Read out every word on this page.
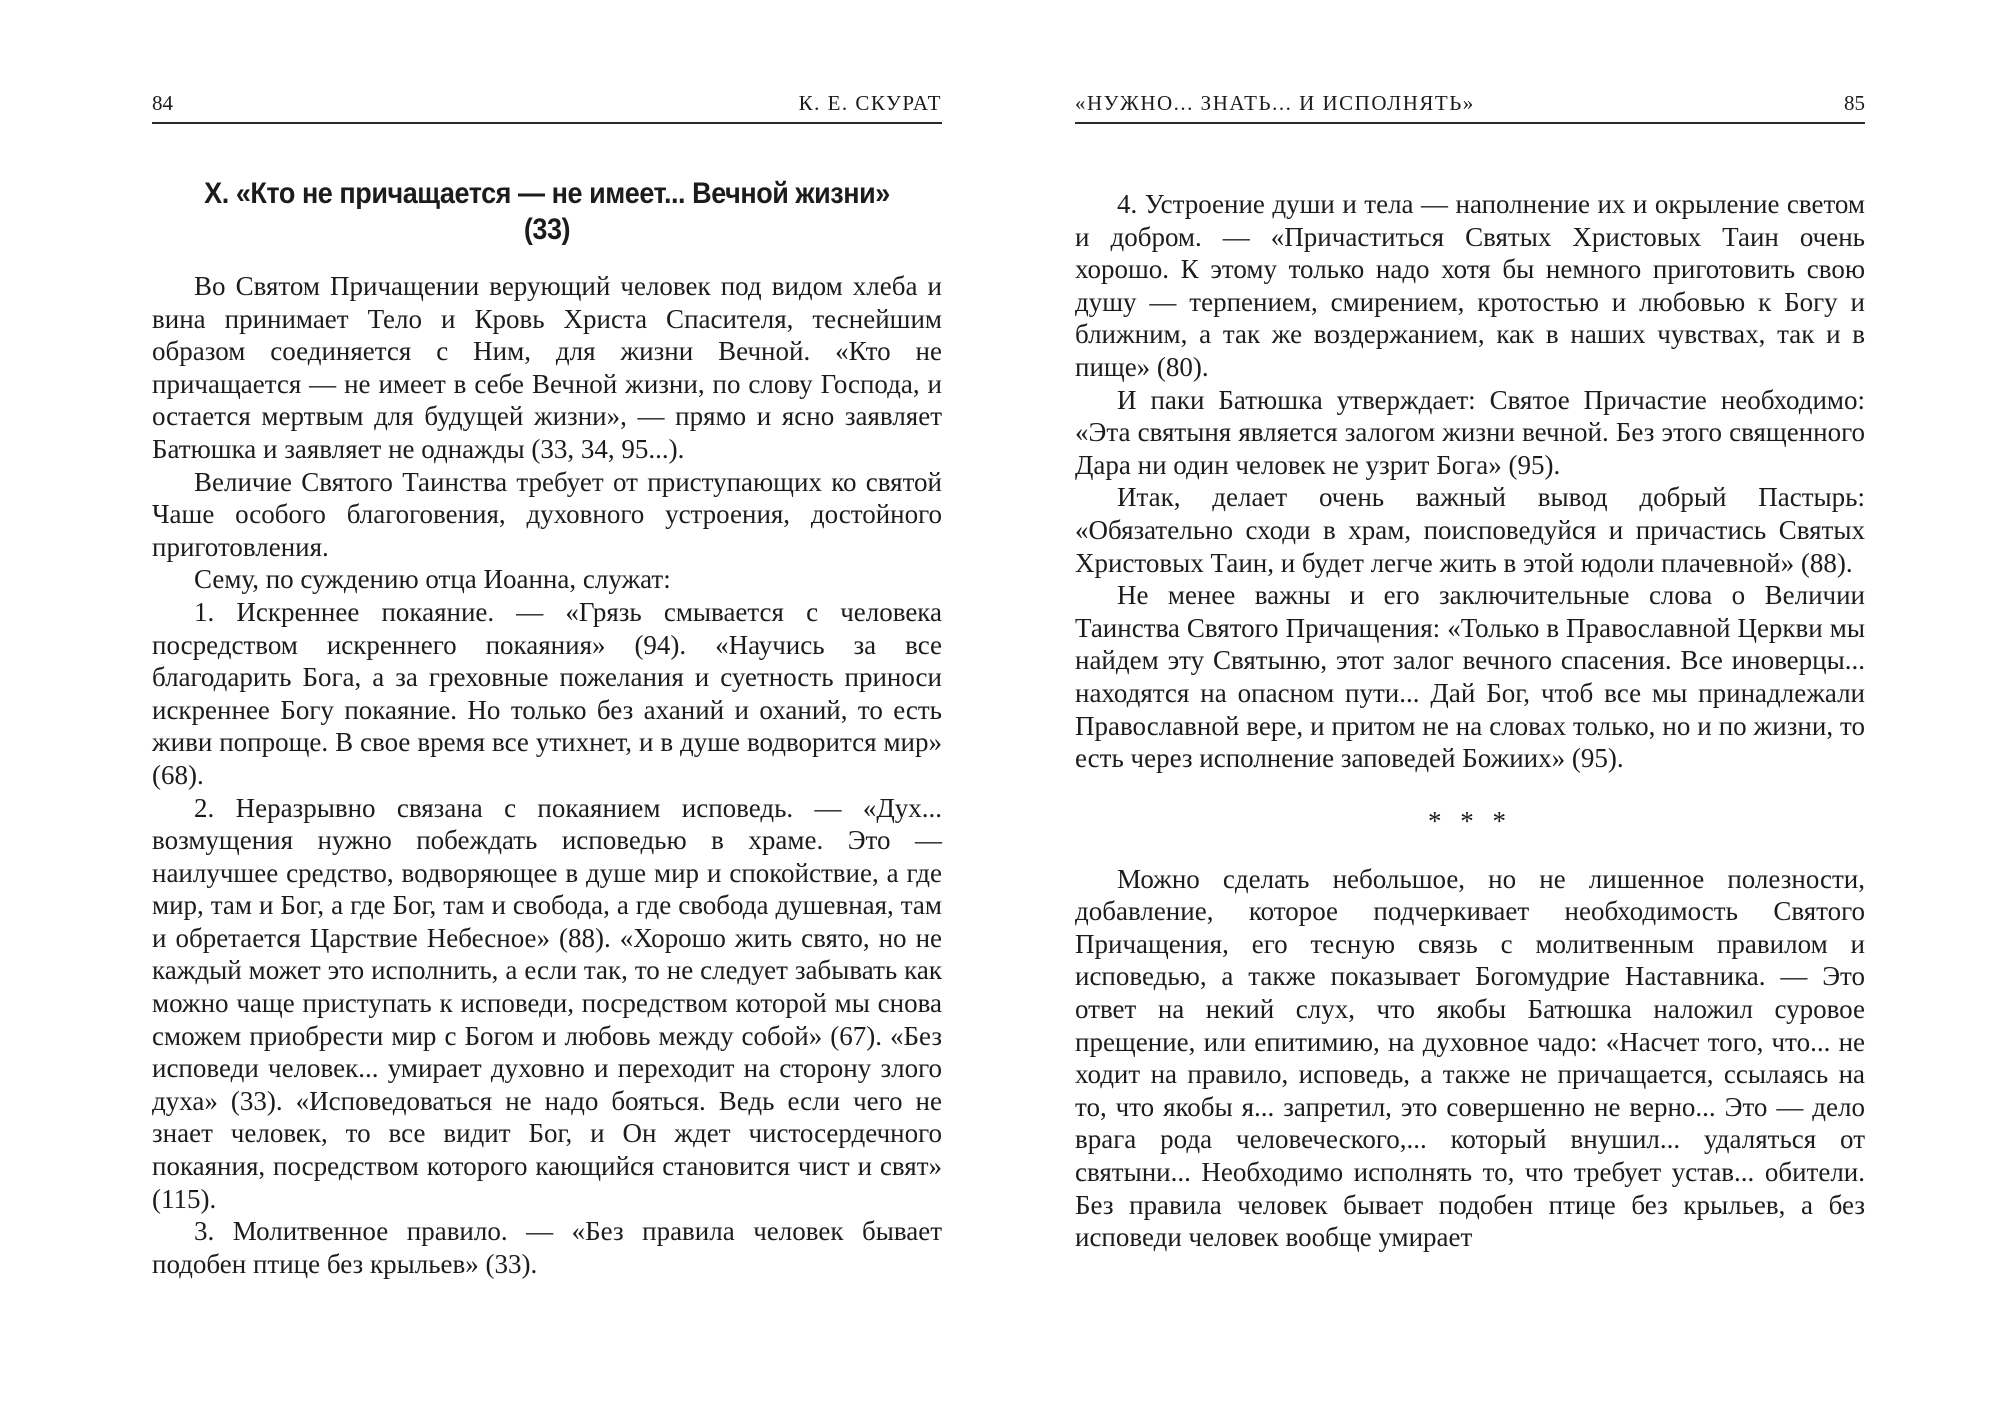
84	К. Е. СКУРАТ
X. «Кто не причащается — не имеет... Вечной жизни» (33)

Во Святом Причащении верующий человек под видом хлеба и вина принимает Тело и Кровь Христа Спасителя, теснейшим образом соединяется с Ним, для жизни Вечной. «Кто не причащается — не имеет в себе Вечной жизни, по слову Господа, и остается мертвым для будущей жизни», — прямо и ясно заявляет Батюшка и заявляет не однажды (33, 34, 95...).

Величие Святого Таинства требует от приступающих ко святой Чаше особого благоговения, духовного устроения, достойного приготовления.

Сему, по суждению отца Иоанна, служат:

1. Искреннее покаяние. — «Грязь смывается с человека посредством искреннего покаяния» (94). «Научись за все благодарить Бога, а за греховные пожелания и суетность приноси искреннее Богу покаяние. Но только без аханий и оханий, то есть живи попроще. В свое время все утихнет, и в душе водворится мир» (68).

2. Неразрывно связана с покаянием исповедь. — «Дух... возмущения нужно побеждать исповедью в храме. Это — наилучшее средство, водворяющее в душе мир и спокойствие, а где мир, там и Бог, а где Бог, там и свобода, а где свобода душевная, там и обретается Царствие Небесное» (88). «Хорошо жить свято, но не каждый может это исполнить, а если так, то не следует забывать как можно чаще приступать к исповеди, посредством которой мы снова сможем приобрести мир с Богом и любовь между собой» (67). «Без исповеди человек... умирает духовно и переходит на сторону злого духа» (33). «Исповедоваться не надо бояться. Ведь если чего не знает человек, то все видит Бог, и Он ждет чистосердечного покаяния, посредством которого кающийся становится чист и свят» (115).

3. Молитвенное правило. — «Без правила человек бывает подобен птице без крыльев» (33).

«НУЖНО... ЗНАТЬ... И ИСПОЛНЯТЬ»	85

4. Устроение души и тела — наполнение их и окрыление светом и добром. — «Причаститься Святых Христовых Таин очень хорошо. К этому только надо хотя бы немного приготовить свою душу — терпением, смирением, кротостью и любовью к Богу и ближним, а так же воздержанием, как в наших чувствах, так и в пище» (80).

И паки Батюшка утверждает: Святое Причастие необходимо: «Эта святыня является залогом жизни вечной. Без этого священного Дара ни один человек не узрит Бога» (95).

Итак, делает очень важный вывод добрый Пастырь: «Обязательно сходи в храм, поисповедуйся и причастись Святых Христовых Таин, и будет легче жить в этой юдоли плачевной» (88).

Не менее важны и его заключительные слова о Величии Таинства Святого Причащения: «Только в Православной Церкви мы найдем эту Святыню, этот залог вечного спасения. Все иноверцы... находятся на опасном пути... Дай Бог, чтоб все мы принадлежали Православной вере, и притом не на словах только, но и по жизни, то есть через исполнение заповедей Божиих» (95).

* * *

Можно сделать небольшое, но не лишенное полезности, добавление, которое подчеркивает необходимость Святого Причащения, его тесную связь с молитвенным правилом и исповедью, а также показывает Богомудрие Наставника. — Это ответ на некий слух, что якобы Батюшка наложил суровое прещение, или епитимию, на духовное чадо: «Насчет того, что... не ходит на правило, исповедь, а также не причащается, ссылаясь на то, что якобы я... запретил, это совершенно не верно... Это — дело врага рода человеческого,... который внушил... удаляться от святыни... Необходимо исполнять то, что требует устав... обители. Без правила человек бывает подобен птице без крыльев, а без исповеди человек вообще умирает
